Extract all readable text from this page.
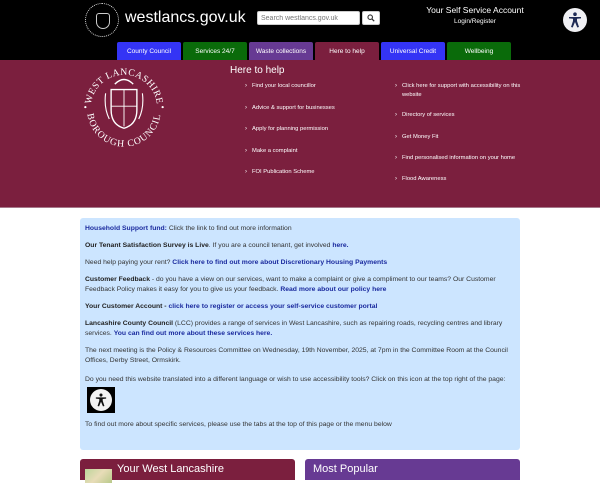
westlancs.gov.uk
Search westlancs.gov.uk	Your Self Service Account
Login/Register
County Council	Services 24/7	Waste collections	Here to help	Universal Credit	Wellbeing
WEST LANCASHIRE
BOROUGH COUNCIL
Here to help
› Find your local councillor
› Advice & support for businesses
› Apply for planning permission
› Make a complaint
› FOI Publication Scheme
› Click here for support with accessibility on this website
› Directory of services
› Get Money Fit
› Find personalised information on your home
› Flood Awareness

Household Support fund: Click the link to find out more information

Our Tenant Satisfaction Survey is Live. If you are a council tenant, get involved here.

Need help paying your rent? Click here to find out more about Discretionary Housing Payments

Customer Feedback - do you have a view on our services, want to make a complaint or give a compliment to our teams? Our Customer Feedback Policy makes it easy for you to give us your feedback. Read more about our policy here

Your Customer Account - click here to register or access your self-service customer portal

Lancashire County Council (LCC) provides a range of services in West Lancashire, such as repairing roads, recycling centres and library services. You can find out more about these services here.

The next meeting is the Policy & Resources Committee on Wednesday, 19th November, 2025, at 7pm in the Committee Room at the Council Offices, Derby Street, Ormskirk.

Do you need this website translated into a different language or wish to use accessibility tools? Click on this icon at the top right of the page:

To find out more about specific services, please use the tabs at the top of this page or the menu below

Your West Lancashire	Most Popular
